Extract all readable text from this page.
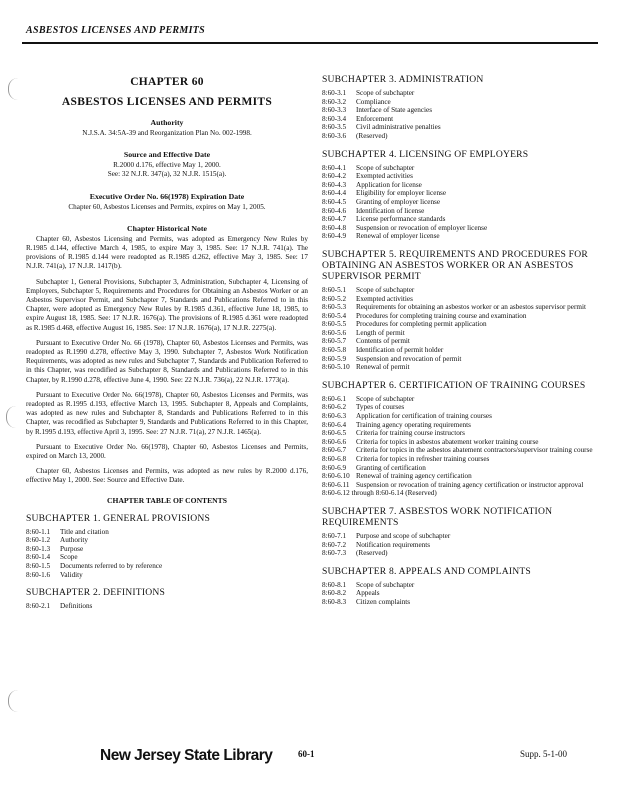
ASBESTOS LICENSES AND PERMITS
CHAPTER 60
ASBESTOS LICENSES AND PERMITS
Authority
N.J.S.A. 34:5A-39 and Reorganization Plan No. 002-1998.
Source and Effective Date
R.2000 d.176, effective May 1, 2000.
See: 32 N.J.R. 347(a), 32 N.J.R. 1515(a).
Executive Order No. 66(1978) Expiration Date
Chapter 60, Asbestos Licenses and Permits, expires on May 1, 2005.
Chapter Historical Note
Chapter 60, Asbestos Licensing and Permits, was adopted as Emergency New Rules by R.1985 d.144, effective March 4, 1985, to expire May 3, 1985. See: 17 N.J.R. 741(a). The provisions of R.1985 d.144 were readopted as R.1985 d.262, effective May 3, 1985. See: 17 N.J.R. 741(a), 17 N.J.R. 1417(b).
Subchapter 1, General Provisions, Subchapter 3, Administration, Subchapter 4, Licensing of Employers, Subchapter 5, Requirements and Procedures for Obtaining an Asbestos Worker or an Asbestos Supervisor Permit, and Subchapter 7, Standards and Publications Referred to in this Chapter, were adopted as Emergency New Rules by R.1985 d.361, effective June 18, 1985, to expire August 18, 1985. See: 17 N.J.R. 1676(a). The provisions of R.1985 d.361 were readopted as R.1985 d.468, effective August 16, 1985. See: 17 N.J.R. 1676(a), 17 N.J.R. 2275(a).
Pursuant to Executive Order No. 66 (1978), Chapter 60, Asbestos Licenses and Permits, was readopted as R.1990 d.278, effective May 3, 1990. Subchapter 7, Asbestos Work Notification Requirements, was adopted as new rules and Subchapter 7, Standards and Publication Referred to in this Chapter, was recodified as Subchapter 8, Standards and Publications Referred to in this Chapter, by R.1990 d.278, effective June 4, 1990. See: 22 N.J.R. 736(a), 22 N.J.R. 1773(a).
Pursuant to Executive Order No. 66(1978), Chapter 60, Asbestos Licenses and Permits, was readopted as R.1995 d.193, effective March 13, 1995. Subchapter 8, Appeals and Complaints, was adopted as new rules and Subchapter 8, Standards and Publications Referred to in this Chapter, was recodified as Subchapter 9, Standards and Publications Referred to in this Chapter, by R.1995 d.193, effective April 3, 1995. See: 27 N.J.R. 71(a), 27 N.J.R. 1465(a).
Pursuant to Executive Order No. 66(1978), Chapter 60, Asbestos Licenses and Permits, expired on March 13, 2000.
Chapter 60, Asbestos Licenses and Permits, was adopted as new rules by R.2000 d.176, effective May 1, 2000. See: Source and Effective Date.
CHAPTER TABLE OF CONTENTS
SUBCHAPTER 1. GENERAL PROVISIONS
8:60-1.1	Title and citation
8:60-1.2	Authority
8:60-1.3	Purpose
8:60-1.4	Scope
8:60-1.5	Documents referred to by reference
8:60-1.6	Validity
SUBCHAPTER 2. DEFINITIONS
8:60-2.1	Definitions
SUBCHAPTER 3. ADMINISTRATION
8:60-3.1	Scope of subchapter
8:60-3.2	Compliance
8:60-3.3	Interface of State agencies
8:60-3.4	Enforcement
8:60-3.5	Civil administrative penalties
8:60-3.6	(Reserved)
SUBCHAPTER 4. LICENSING OF EMPLOYERS
8:60-4.1	Scope of subchapter
8:60-4.2	Exempted activities
8:60-4.3	Application for license
8:60-4.4	Eligibility for employer license
8:60-4.5	Granting of employer license
8:60-4.6	Identification of license
8:60-4.7	License performance standards
8:60-4.8	Suspension or revocation of employer license
8:60-4.9	Renewal of employer license
SUBCHAPTER 5. REQUIREMENTS AND PROCEDURES FOR OBTAINING AN ASBESTOS WORKER OR AN ASBESTOS SUPERVISOR PERMIT
8:60-5.1	Scope of subchapter
8:60-5.2	Exempted activities
8:60-5.3	Requirements for obtaining an asbestos worker or an asbestos supervisor permit
8:60-5.4	Procedures for completing training course and examination
8:60-5.5	Procedures for completing permit application
8:60-5.6	Length of permit
8:60-5.7	Contents of permit
8:60-5.8	Identification of permit holder
8:60-5.9	Suspension and revocation of permit
8:60-5.10 Renewal of permit
SUBCHAPTER 6. CERTIFICATION OF TRAINING COURSES
8:60-6.1	Scope of subchapter
8:60-6.2	Types of courses
8:60-6.3	Application for certification of training courses
8:60-6.4	Training agency operating requirements
8:60-6.5	Criteria for training course instructors
8:60-6.6	Criteria for topics in asbestos abatement worker training course
8:60-6.7	Criteria for topics in the asbestos abatement contractors/supervisor training course
8:60-6.8	Criteria for topics in refresher training courses
8:60-6.9	Granting of certification
8:60-6.10 Renewal of training agency certification
8:60-6.11 Suspension or revocation of training agency certification or instructor approval
8:60-6.12 through 8:60-6.14 (Reserved)
SUBCHAPTER 7. ASBESTOS WORK NOTIFICATION REQUIREMENTS
8:60-7.1	Purpose and scope of subchapter
8:60-7.2	Notification requirements
8:60-7.3	(Reserved)
SUBCHAPTER 8. APPEALS AND COMPLAINTS
8:60-8.1	Scope of subchapter
8:60-8.2	Appeals
8:60-8.3	Citizen complaints
New Jersey State Library	60-1	Supp. 5-1-00
